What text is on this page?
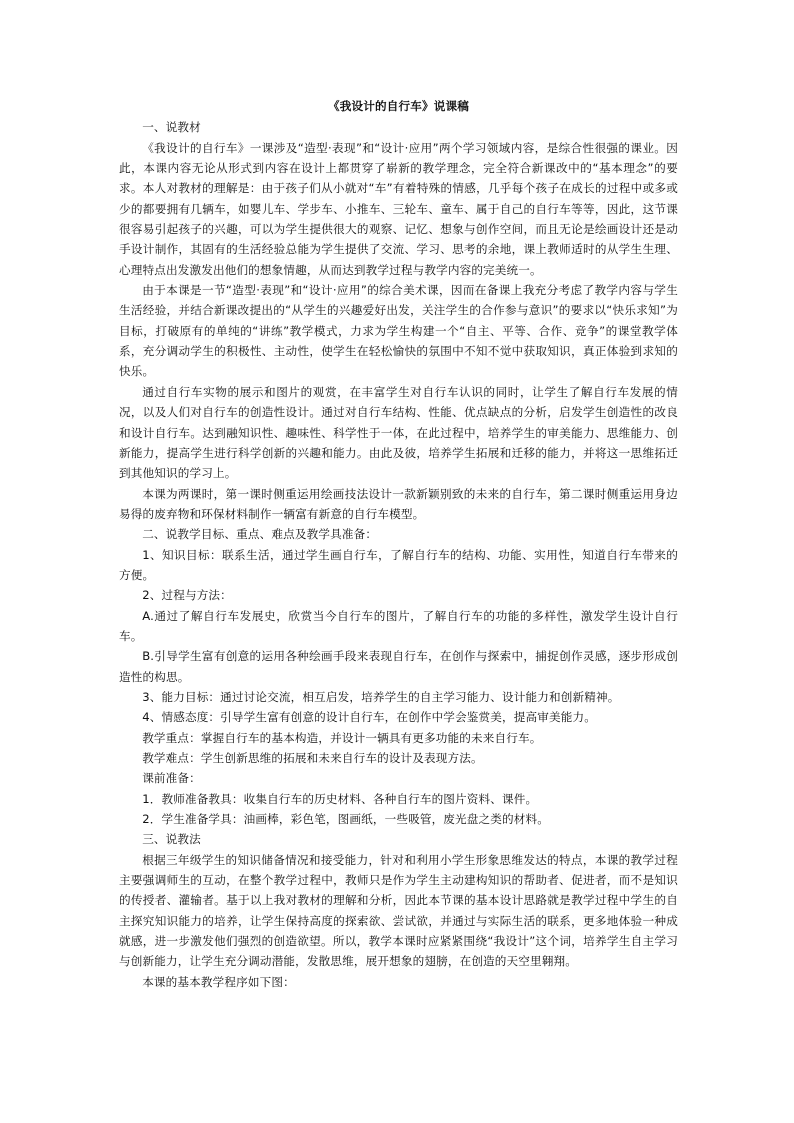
《我设计的自行车》说课稿

一、说教材

《我设计的自行车》一课涉及“造型·表现”和“设计·应用”两个学习领域内容，是综合性很强的课业。因此，本课内容无论从形式到内容在设计上都贯穿了崭新的教学理念，完全符合新课改中的“基本理念”的要求。本人对教材的理解是：由于孩子们从小就对“车”有着特殊的情感，几乎每个孩子在成长的过程中或多或少的都要拥有几辆车，如婴儿车、学步车、小推车、三轮车、童车、属于自己的自行车等等，因此，这节课很容易引起孩子的兴趣，可以为学生提供很大的观察、记忆、想象与创作空间，而且无论是绘画设计还是动手设计制作，其固有的生活经验总能为学生提供了交流、学习、思考的余地，课上教师适时的从学生生理、心理特点出发激发出他们的想象情趣，从而达到教学过程与教学内容的完美统一。

由于本课是一节“造型·表现”和“设计·应用”的综合美术课，因而在备课上我充分考虑了教学内容与学生生活经验，并结合新课改提出的“从学生的兴趣爱好出发，关注学生的合作参与意识”的要求以“快乐求知”为目标，打破原有的单纯的“讲练”教学模式，力求为学生构建一个“自主、平等、合作、竞争”的课堂教学体系，充分调动学生的积极性、主动性，使学生在轻松愉快的氛围中不知不觉中获取知识，真正体验到求知的快乐。

通过自行车实物的展示和图片的观赏，在丰富学生对自行车认识的同时，让学生了解自行车发展的情况，以及人们对自行车的创造性设计。通过对自行车结构、性能、优点缺点的分析，启发学生创造性的改良和设计自行车。达到融知识性、趣味性、科学性于一体，在此过程中，培养学生的审美能力、思维能力、创新能力，提高学生进行科学创新的兴趣和能力。由此及彼，培养学生拓展和迁移的能力，并将这一思维拓迁到其他知识的学习上。

本课为两课时，第一课时侧重运用绘画技法设计一款新颖别致的未来的自行车，第二课时侧重运用身边易得的废弃物和环保材料制作一辆富有新意的自行车模型。

二、说教学目标、重点、难点及教学具准备：

1、知识目标：联系生活，通过学生画自行车，了解自行车的结构、功能、实用性，知道自行车带来的方便。

2、过程与方法：

A.通过了解自行车发展史，欣赏当今自行车的图片，了解自行车的功能的多样性，激发学生设计自行车。

B.引导学生富有创意的运用各种绘画手段来表现自行车，在创作与探索中，捕捉创作灵感，逐步形成创造性的构思。

3、能力目标：通过讨论交流，相互启发，培养学生的自主学习能力、设计能力和创新精神。

4、情感态度：引导学生富有创意的设计自行车，在创作中学会鉴赏美，提高审美能力。

教学重点：掌握自行车的基本构造，并设计一辆具有更多功能的未来自行车。

教学难点：学生创新思维的拓展和未来自行车的设计及表现方法。

课前准备：

1．教师准备教具：收集自行车的历史材料、各种自行车的图片资料、课件。

2．学生准备学具：油画棒，彩色笔，图画纸，一些吸管，废光盘之类的材料。

三、说教法

根据三年级学生的知识储备情况和接受能力，针对和利用小学生形象思维发达的特点，本课的教学过程主要强调师生的互动，在整个教学过程中，教师只是作为学生主动建构知识的帮助者、促进者，而不是知识的传授者、灌输者。基于以上我对教材的理解和分析，因此本节课的基本设计思路就是教学过程中学生的自主探究知识能力的培养，让学生保持高度的探索欲、尝试欲，并通过与实际生活的联系，更多地体验一种成就感，进一步激发他们强烈的创造欲望。所以，教学本课时应紧紧围绕“我设计”这个词，培养学生自主学习与创新能力，让学生充分调动潜能，发散思维，展开想象的翅膀，在创造的天空里翱翔。

本课的基本教学程序如下图：
